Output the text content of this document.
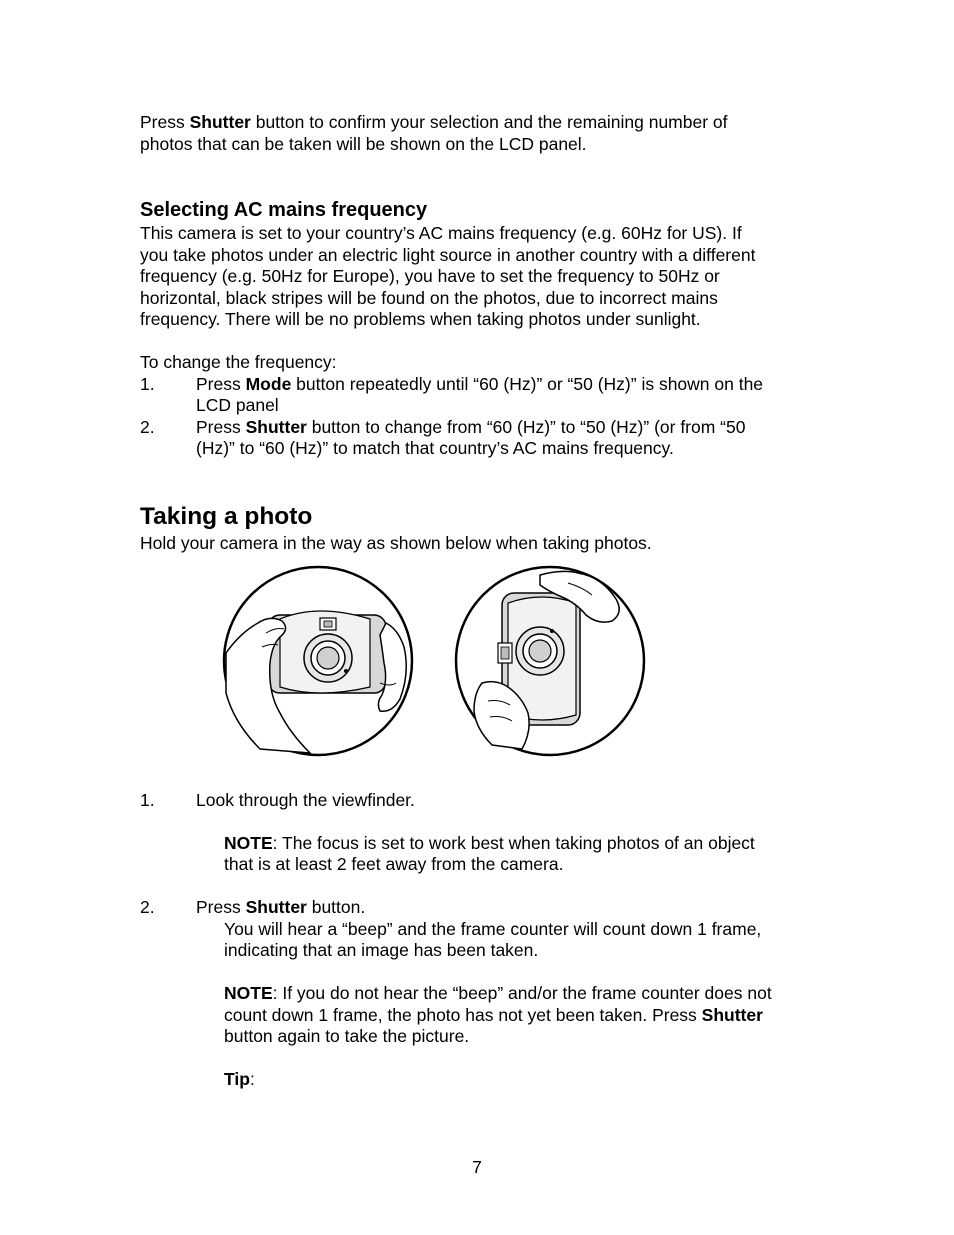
Press Shutter button to confirm your selection and the remaining number of
photos that can be taken will be shown on the LCD panel.
Selecting AC mains frequency
This camera is set to your country’s AC mains frequency (e.g. 60Hz for US). If
you take photos under an electric light source in another country with a different
frequency (e.g. 50Hz for Europe), you have to set the frequency to 50Hz or
horizontal, black stripes will be found on the photos, due to incorrect mains
frequency. There will be no problems when taking photos under sunlight.
To change the frequency:
1. Press Mode button repeatedly until “60 (Hz)” or “50 (Hz)” is shown on the
LCD panel
2. Press Shutter button to change from “60 (Hz)” to “50 (Hz)” (or from “50
(Hz)” to “60 (Hz)” to match that country’s AC mains frequency.
Taking a photo
Hold your camera in the way as shown below when taking photos.
1. Look through the viewfinder.
NOTE: The focus is set to work best when taking photos of an object
that is at least 2 feet away from the camera.
2. Press Shutter button.
You will hear a “beep” and the frame counter will count down 1 frame,
indicating that an image has been taken.
NOTE: If you do not hear the “beep” and/or the frame counter does not
count down 1 frame, the photo has not yet been taken. Press Shutter
button again to take the picture.
Tip:
7
